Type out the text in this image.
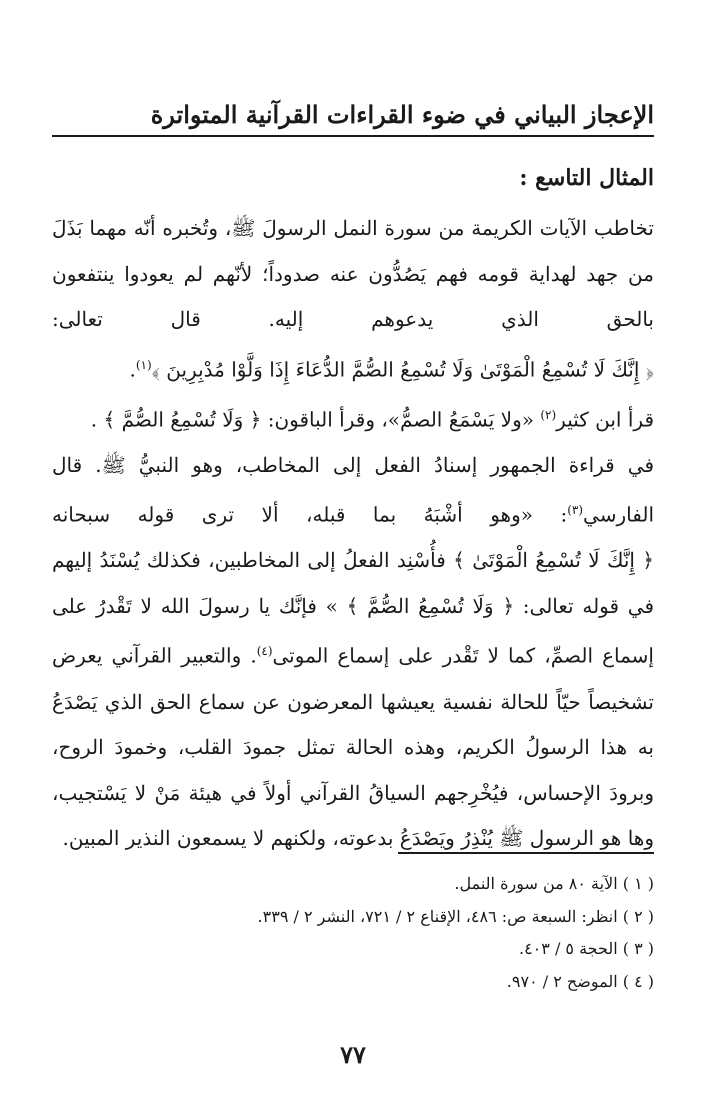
الإعجاز البياني في ضوء القراءات القرآنية المتواترة
المثال التاسع :

تخاطب الآيات الكريمة من سورة النمل الرسولَ ﷺ، وتُخبره أنّه مهما بَذَلَ من جهد لهداية قومه فهم يَصُدُّون عنه صدوداً؛ لأنّهم لم يعودوا ينتفعون بالحق الذي يدعوهم إليه. قال تعالى: ﴿ إِنَّكَ لَا تُسْمِعُ الْمَوْتَىٰ وَلَا تُسْمِعُ الصُّمَّ الدُّعَاءَ إِذَا وَلَّوْا مُدْبِرِينَ ﴾$^{(١)}$.

قرأ ابن كثير$^{(٢)}$ «ولا يَسْمَعُ الصمُّ»، وقرأ الباقون: ﴿ وَلَا تُسْمِعُ الصُّمَّ ﴾ .

في قراءة الجمهور إسنادُ الفعل إلى المخاطب، وهو النبيُّ ﷺ. قال الفارسي$^{(٣)}$: «وهو أشْبَهُ بما قبله، ألا ترى قوله سبحانه ﴿ إِنَّكَ لَا تُسْمِعُ الْمَوْتَىٰ ﴾ فأُسْنِد الفعلُ إلى المخاطبين، فكذلك يُسْنَدُ إليهم في قوله تعالى: ﴿ وَلَا تُسْمِعُ الصُّمَّ ﴾ » فإنَّك يا رسولَ الله لا تَقْدرُ على إسماع الصمِّ، كما لا تَقْدر على إسماع الموتى$^{(٤)}$. والتعبير القرآني يعرض تشخيصاً حيّاً للحالة نفسية يعيشها المعرضون عن سماع الحق الذي يَصْدَعُ به هذا الرسولُ الكريم، وهذه الحالة تمثل جمودَ القلب، وخمودَ الروح، وبرودَ الإحساس، فيُخْرِجهم السياقُ القرآني أولاً في هيئة مَنْ لا يَسْتجيب، وها هو الرسول ﷺ يُنْذِرُ ويَصْدَعُ بدعوته، ولكنهم لا يسمعون النذير المبين.

( ١ ) الآية ٨٠ من سورة النمل.

( ٢ ) انظر: السبعة ص: ٤٨٦، الإقناع ٢ / ٧٢١، النشر ٢ / ٣٣٩.

( ٣ ) الحجة ٥ / ٤٠٣.

( ٤ ) الموضح ٢ / ٩٧٠.

٧٧
